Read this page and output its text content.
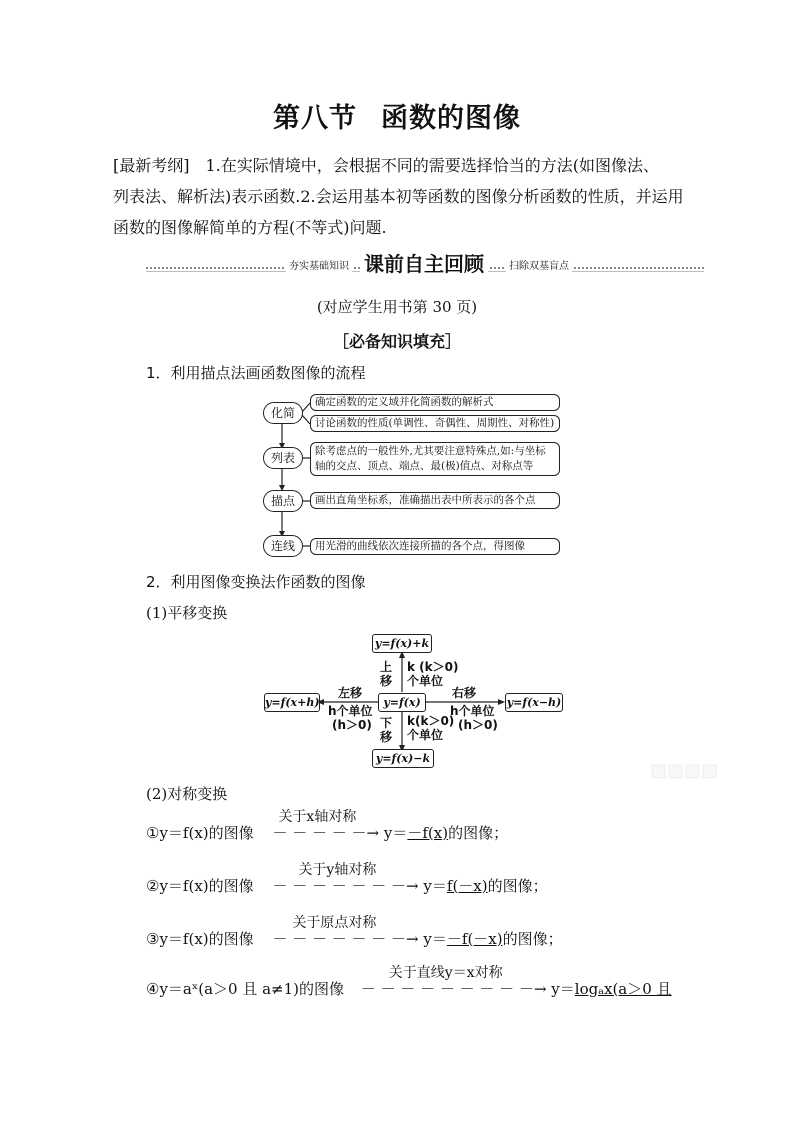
第八节 函数的图像
[最新考纲]　1.在实际情境中，会根据不同的需要选择恰当的方法(如图像法、
列表法、解析法)表示函数.2.会运用基本初等函数的图像分析函数的性质，并运用
函数的图像解简单的方程(不等式)问题.
夯实基础知识 课前自主回顾	扫除双基盲点
(对应学生用书第 30 页)
［必备知识填充］
1．利用描点法画函数图像的流程
化简
列表
描点
连线
确定函数的定义域并化简函数的解析式
讨论函数的性质(单调性、奇偶性、周期性、对称性)
除考虑点的一般性外,尤其要注意特殊点,如:与坐标
轴的交点、顶点、端点、最(极)值点、对称点等
画出直角坐标系，准确描出表中所表示的各个点
用光滑的曲线依次连接所描的各个点，得图像
2．利用图像变换法作函数的图像
(1)平移变换
y=f(x)+k
y=f(x)
y=f(x+h)	y=f(x−h)
y=f(x)−k
上
移
k (k＞0)
个单位
下
移
k(k＞0)
个单位
左移
h个单位
(h＞0)
右移
h个单位
(h＞0)
▧▧▧▧
(2)对称变换
①y＝f(x)的图像
关于x轴对称
－ － － － －→ y＝－f(x)的图像；
②y＝f(x)的图像
关于y轴对称
－ － － － － － －→ y＝f(－x)的图像；
③y＝f(x)的图像
关于原点对称
－ － － － － － －→ y＝－f(－x)的图像；
④y＝aˣ(a＞0 且 a≠1)的图像
关于直线y＝x对称
－ － － － － － － － －→ y＝logₐx(a＞0 且
